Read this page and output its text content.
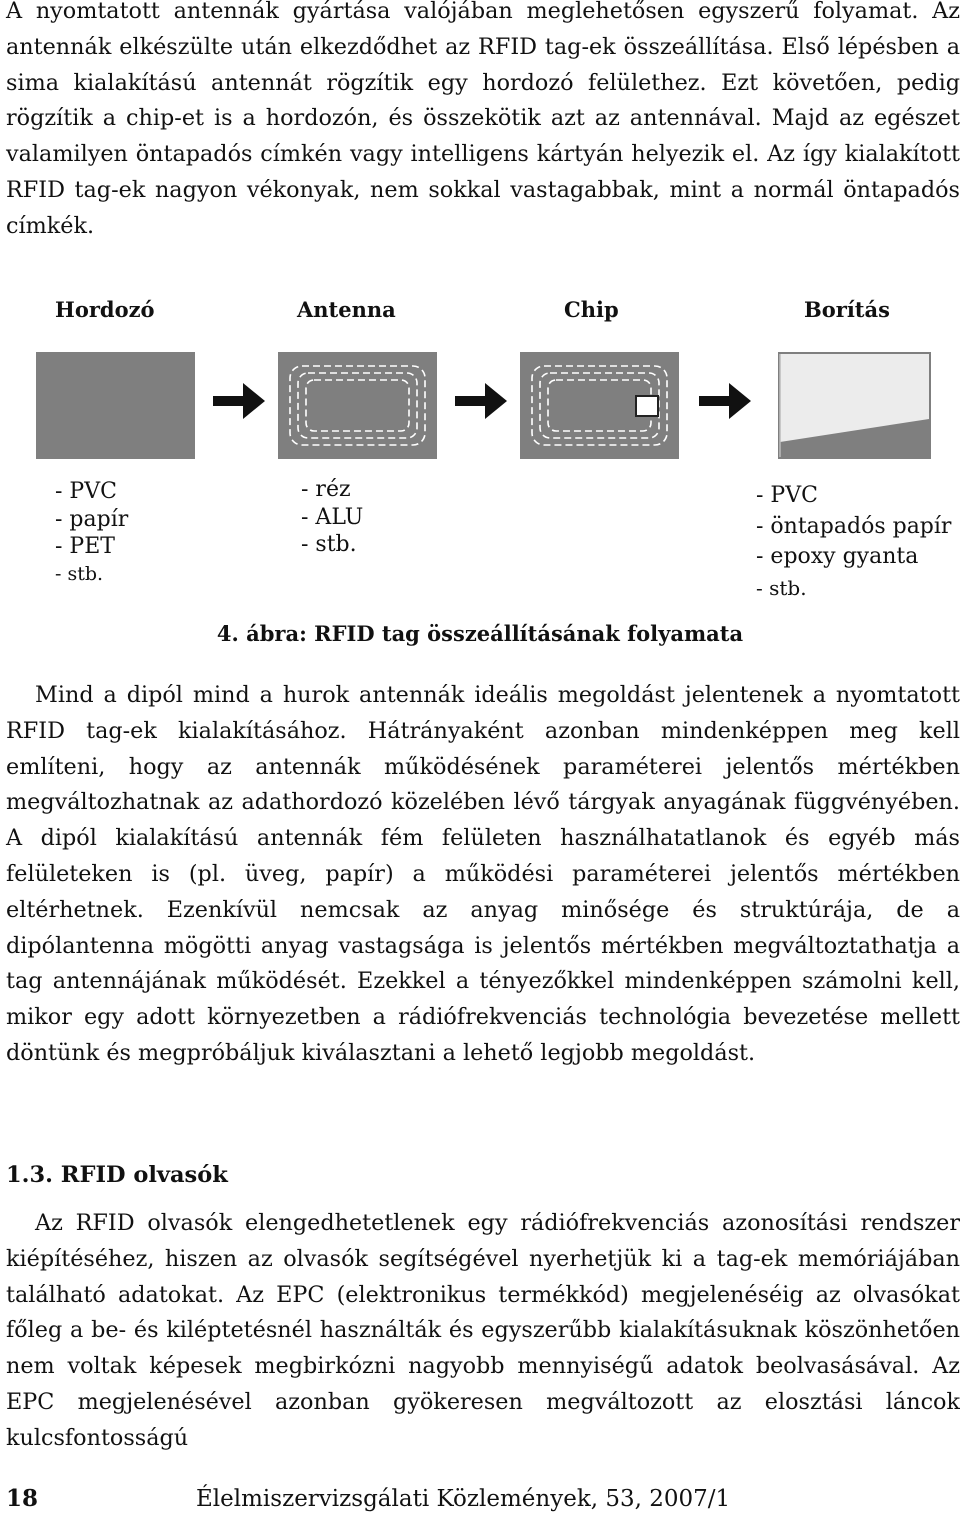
A nyomtatott antennák gyártása valójában meglehetősen egyszerű folyamat. Az antennák elkészülte után elkezdődhet az RFID tag-ek összeállítása. Első lépésben a sima kialakítású antennát rögzítik egy hordozó felülethez. Ezt követően, pedig rögzítik a chip-et is a hordozón, és összekötik azt az antennával. Majd az egészet valamilyen öntapadós címkén vagy intelligens kártyán helyezik el. Az így kialakított RFID tag-ek nagyon vékonyak, nem sokkal vastagabbak, mint a normál öntapadós címkék.

Hordozó	Antenna	Chip	Borítás
- PVC
- papír
- PET
- stb.
- réz
- ALU
- stb.
- PVC
- öntapadós papír
- epoxy gyanta
- stb.
4. ábra: RFID tag összeállításának folyamata

Mind a dipól mind a hurok antennák ideális megoldást jelentenek a nyomtatott RFID tag-ek kialakításához. Hátrányaként azonban mindenképpen meg kell említeni, hogy az antennák működésének paraméterei jelentős mértékben megváltozhatnak az adathordozó közelében lévő tárgyak anyagának függvényében. A dipól kialakítású antennák fém felületen használhatatlanok és egyéb más felületeken is (pl. üveg, papír) a működési paraméterei jelentős mértékben eltérhetnek. Ezenkívül nemcsak az anyag minősége és struktúrája, de a dipólantenna mögötti anyag vastagsága is jelentős mértékben megváltoztathatja a tag antennájának működését. Ezekkel a tényezőkkel mindenképpen számolni kell, mikor egy adott környezetben a rádiófrekvenciás technológia bevezetése mellett döntünk és megpróbáljuk kiválasztani a lehető legjobb megoldást.

1.3. RFID olvasók

Az RFID olvasók elengedhetetlenek egy rádiófrekvenciás azonosítási rendszer kiépítéséhez, hiszen az olvasók segítségével nyerhetjük ki a tag-ek memóriájában található adatokat. Az EPC (elektronikus termékkód) megjelenéséig az olvasókat főleg a be- és kiléptetésnél használták és egyszerűbb kialakításuknak köszönhetően nem voltak képesek megbirkózni nagyobb mennyiségű adatok beolvasásával. Az EPC megjelenésével azonban gyökeresen megváltozott az elosztási láncok kulcsfontosságú

18	Élelmiszervizsgálati Közlemények, 53, 2007/1
